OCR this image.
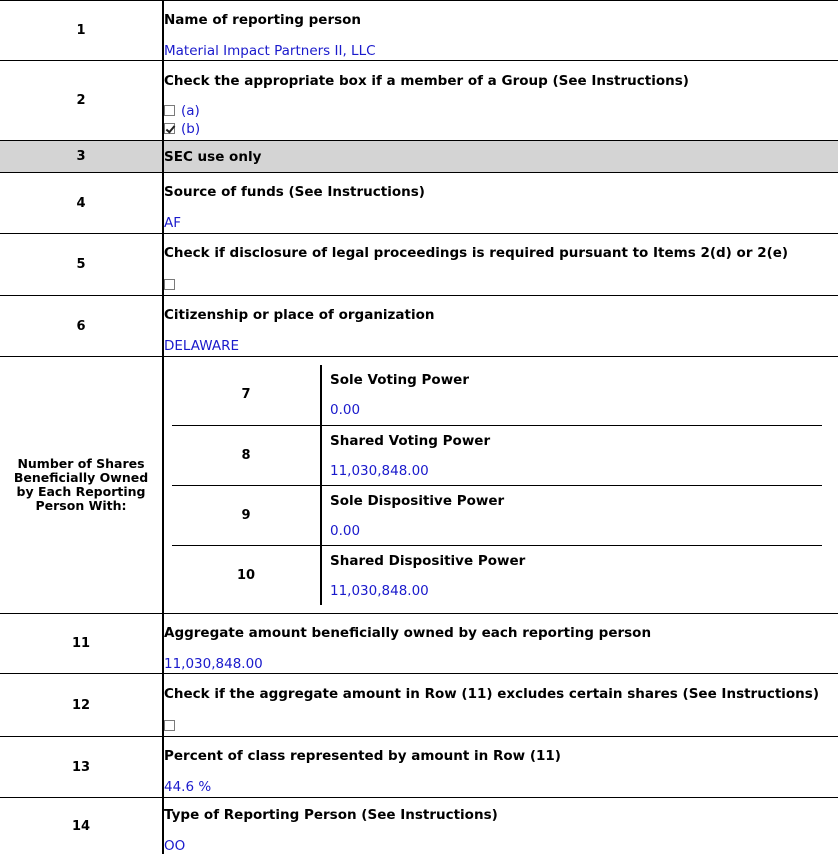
1	
Name of reporting person
Material Impact Partners II, LLC

2	
Check the appropriate box if a member of a Group (See Instructions)
(a)
(b)

3	SEC use only

4	
Source of funds (See Instructions)
AF

5	
Check if disclosure of legal proceedings is required pursuant to Items 2(d) or 2(e)

6	
Citizenship or place of organization
DELAWARE

Number of Shares Beneficially Owned by Each Reporting Person With:

7	
Sole Voting Power
0.00

8	
Shared Voting Power
11,030,848.00

9	
Sole Dispositive Power
0.00

10	
Shared Dispositive Power
11,030,848.00

11	
Aggregate amount beneficially owned by each reporting person
11,030,848.00

12	
Check if the aggregate amount in Row (11) excludes certain shares (See Instructions)

13	
Percent of class represented by amount in Row (11)
44.6 %

14	
Type of Reporting Person (See Instructions)
OO
